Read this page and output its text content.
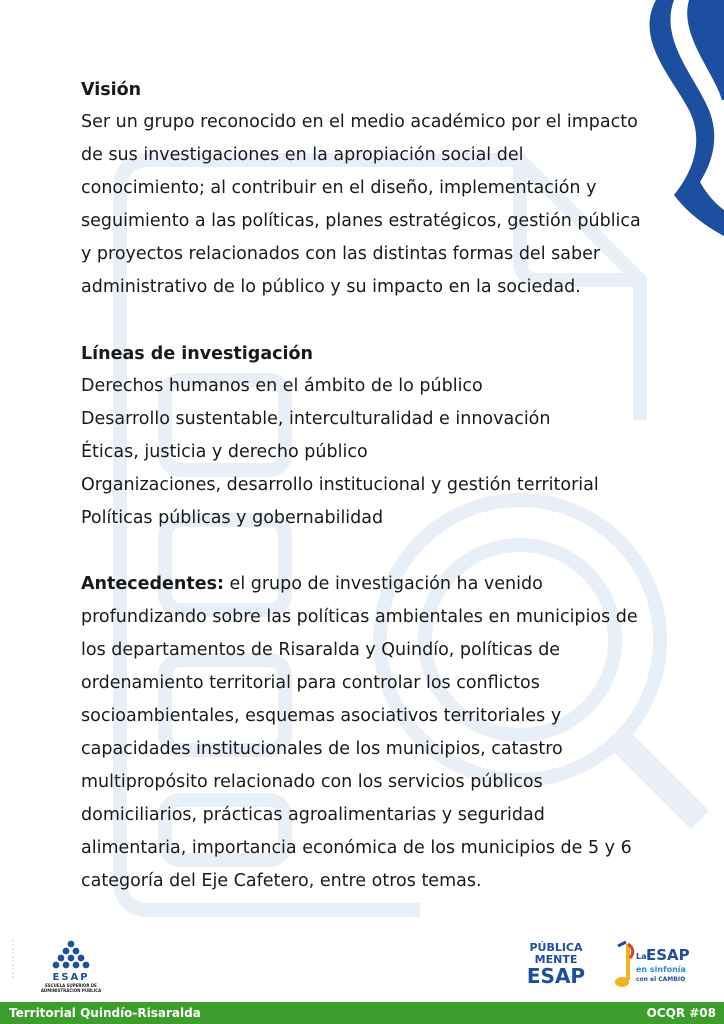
Visión

Ser un grupo reconocido en el medio académico por el impacto

de sus investigaciones en la apropiación social del

conocimiento; al contribuir en el diseño, implementación y

seguimiento a las políticas, planes estratégicos, gestión pública

y proyectos relacionados con las distintas formas del saber

administrativo de lo público y su impacto en la sociedad.

Líneas de investigación

Derechos humanos en el ámbito de lo público

Desarrollo sustentable, interculturalidad e innovación

Éticas, justicia y derecho público

Organizaciones, desarrollo institucional y gestión territorial

Políticas públicas y gobernabilidad

Antecedentes: el grupo de investigación ha venido

profundizando sobre las políticas ambientales en municipios de

los departamentos de Risaralda y Quindío, políticas de

ordenamiento territorial para controlar los conflictos

socioambientales, esquemas asociativos territoriales y

capacidades institucionales de los municipios, catastro

multipropósito relacionado con los servicios públicos

domiciliarios, prácticas agroalimentarias y seguridad

alimentaria, importancia económica de los municipios de 5 y 6

categoría del Eje Cafetero, entre otros temas.

ESAP
ESCUELA SUPERIOR DE
ADMINISTRACIÓN PÚBLICA
PÚBLICA
MENTE
ESAP
La ESAP
en sinfonía
con el CAMBIO
Territorial Quindío-Risaralda	OCQR #08
